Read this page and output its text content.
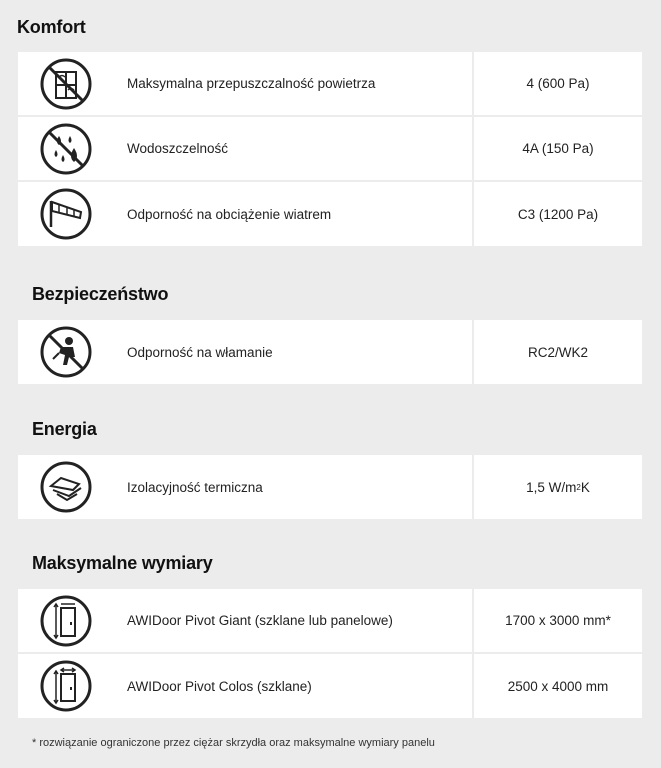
Komfort
Maksymalna przepuszczalność powietrza	4 (600 Pa)
Wodoszczelność	4A (150 Pa)
Odporność na obciążenie wiatrem	C3 (1200 Pa)
Bezpieczeństwo
Odporność na włamanie	RC2/WK2
Energia
Izolacyjność termiczna	1,5 W/m 2 K
Maksymalne wymiary
AWIDoor Pivot Giant (szklane lub panelowe)	1700 x 3000 mm*
AWIDoor Pivot Colos (szklane)	2500 x 4000 mm
* rozwiązanie ograniczone przez ciężar skrzydła oraz maksymalne wymiary panelu
